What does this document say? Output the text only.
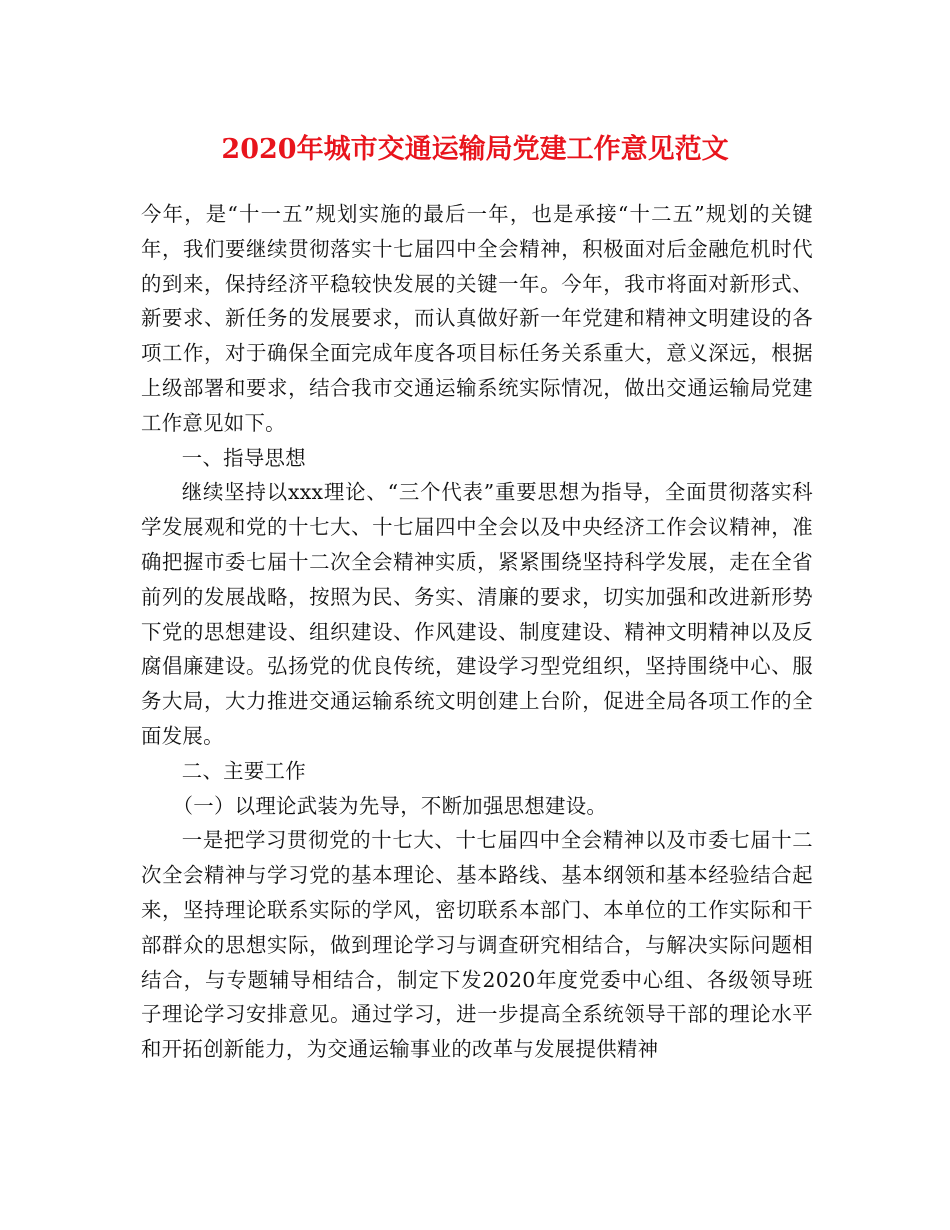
2020年城市交通运输局党建工作意见范文

今年，是“十一五”规划实施的最后一年，也是承接“十二五”规划的关键年，我们要继续贯彻落实十七届四中全会精神，积极面对后金融危机时代的到来，保持经济平稳较快发展的关键一年。今年，我市将面对新形式、新要求、新任务的发展要求，而认真做好新一年党建和精神文明建设的各项工作，对于确保全面完成年度各项目标任务关系重大，意义深远，根据上级部署和要求，结合我市交通运输系统实际情况，做出交通运输局党建工作意见如下。

一、指导思想

继续坚持以xxx理论、“三个代表”重要思想为指导，全面贯彻落实科学发展观和党的十七大、十七届四中全会以及中央经济工作会议精神，准确把握市委七届十二次全会精神实质，紧紧围绕坚持科学发展，走在全省前列的发展战略，按照为民、务实、清廉的要求，切实加强和改进新形势下党的思想建设、组织建设、作风建设、制度建设、精神文明精神以及反腐倡廉建设。弘扬党的优良传统，建设学习型党组织，坚持围绕中心、服务大局，大力推进交通运输系统文明创建上台阶，促进全局各项工作的全面发展。

二、主要工作

（一）以理论武装为先导，不断加强思想建设。

一是把学习贯彻党的十七大、十七届四中全会精神以及市委七届十二次全会精神与学习党的基本理论、基本路线、基本纲领和基本经验结合起来，坚持理论联系实际的学风，密切联系本部门、本单位的工作实际和干部群众的思想实际，做到理论学习与调查研究相结合，与解决实际问题相结合，与专题辅导相结合，制定下发2020年度党委中心组、各级领导班子理论学习安排意见。通过学习，进一步提高全系统领导干部的理论水平和开拓创新能力，为交通运输事业的改革与发展提供精神
